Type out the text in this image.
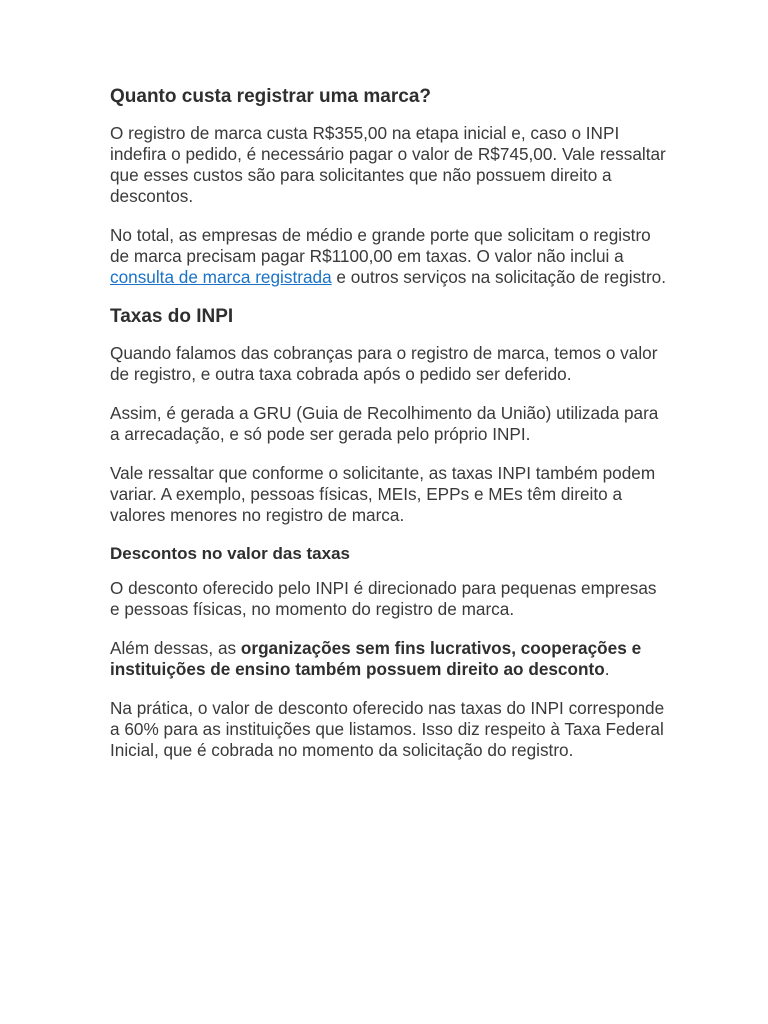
Quanto custa registrar uma marca?

O registro de marca custa R$355,00 na etapa inicial e, caso o INPI indefira o pedido, é necessário pagar o valor de R$745,00. Vale ressaltar que esses custos são para solicitantes que não possuem direito a descontos.

No total, as empresas de médio e grande porte que solicitam o registro de marca precisam pagar R$1100,00 em taxas. O valor não inclui a consulta de marca registrada e outros serviços na solicitação de registro.

Taxas do INPI

Quando falamos das cobranças para o registro de marca, temos o valor de registro, e outra taxa cobrada após o pedido ser deferido.

Assim, é gerada a GRU (Guia de Recolhimento da União) utilizada para a arrecadação, e só pode ser gerada pelo próprio INPI.

Vale ressaltar que conforme o solicitante, as taxas INPI também podem variar. A exemplo, pessoas físicas, MEIs, EPPs e MEs têm direito a valores menores no registro de marca.

Descontos no valor das taxas

O desconto oferecido pelo INPI é direcionado para pequenas empresas e pessoas físicas, no momento do registro de marca.

Além dessas, as organizações sem fins lucrativos, cooperações e instituições de ensino também possuem direito ao desconto.

Na prática, o valor de desconto oferecido nas taxas do INPI corresponde a 60% para as instituições que listamos. Isso diz respeito à Taxa Federal Inicial, que é cobrada no momento da solicitação do registro.
